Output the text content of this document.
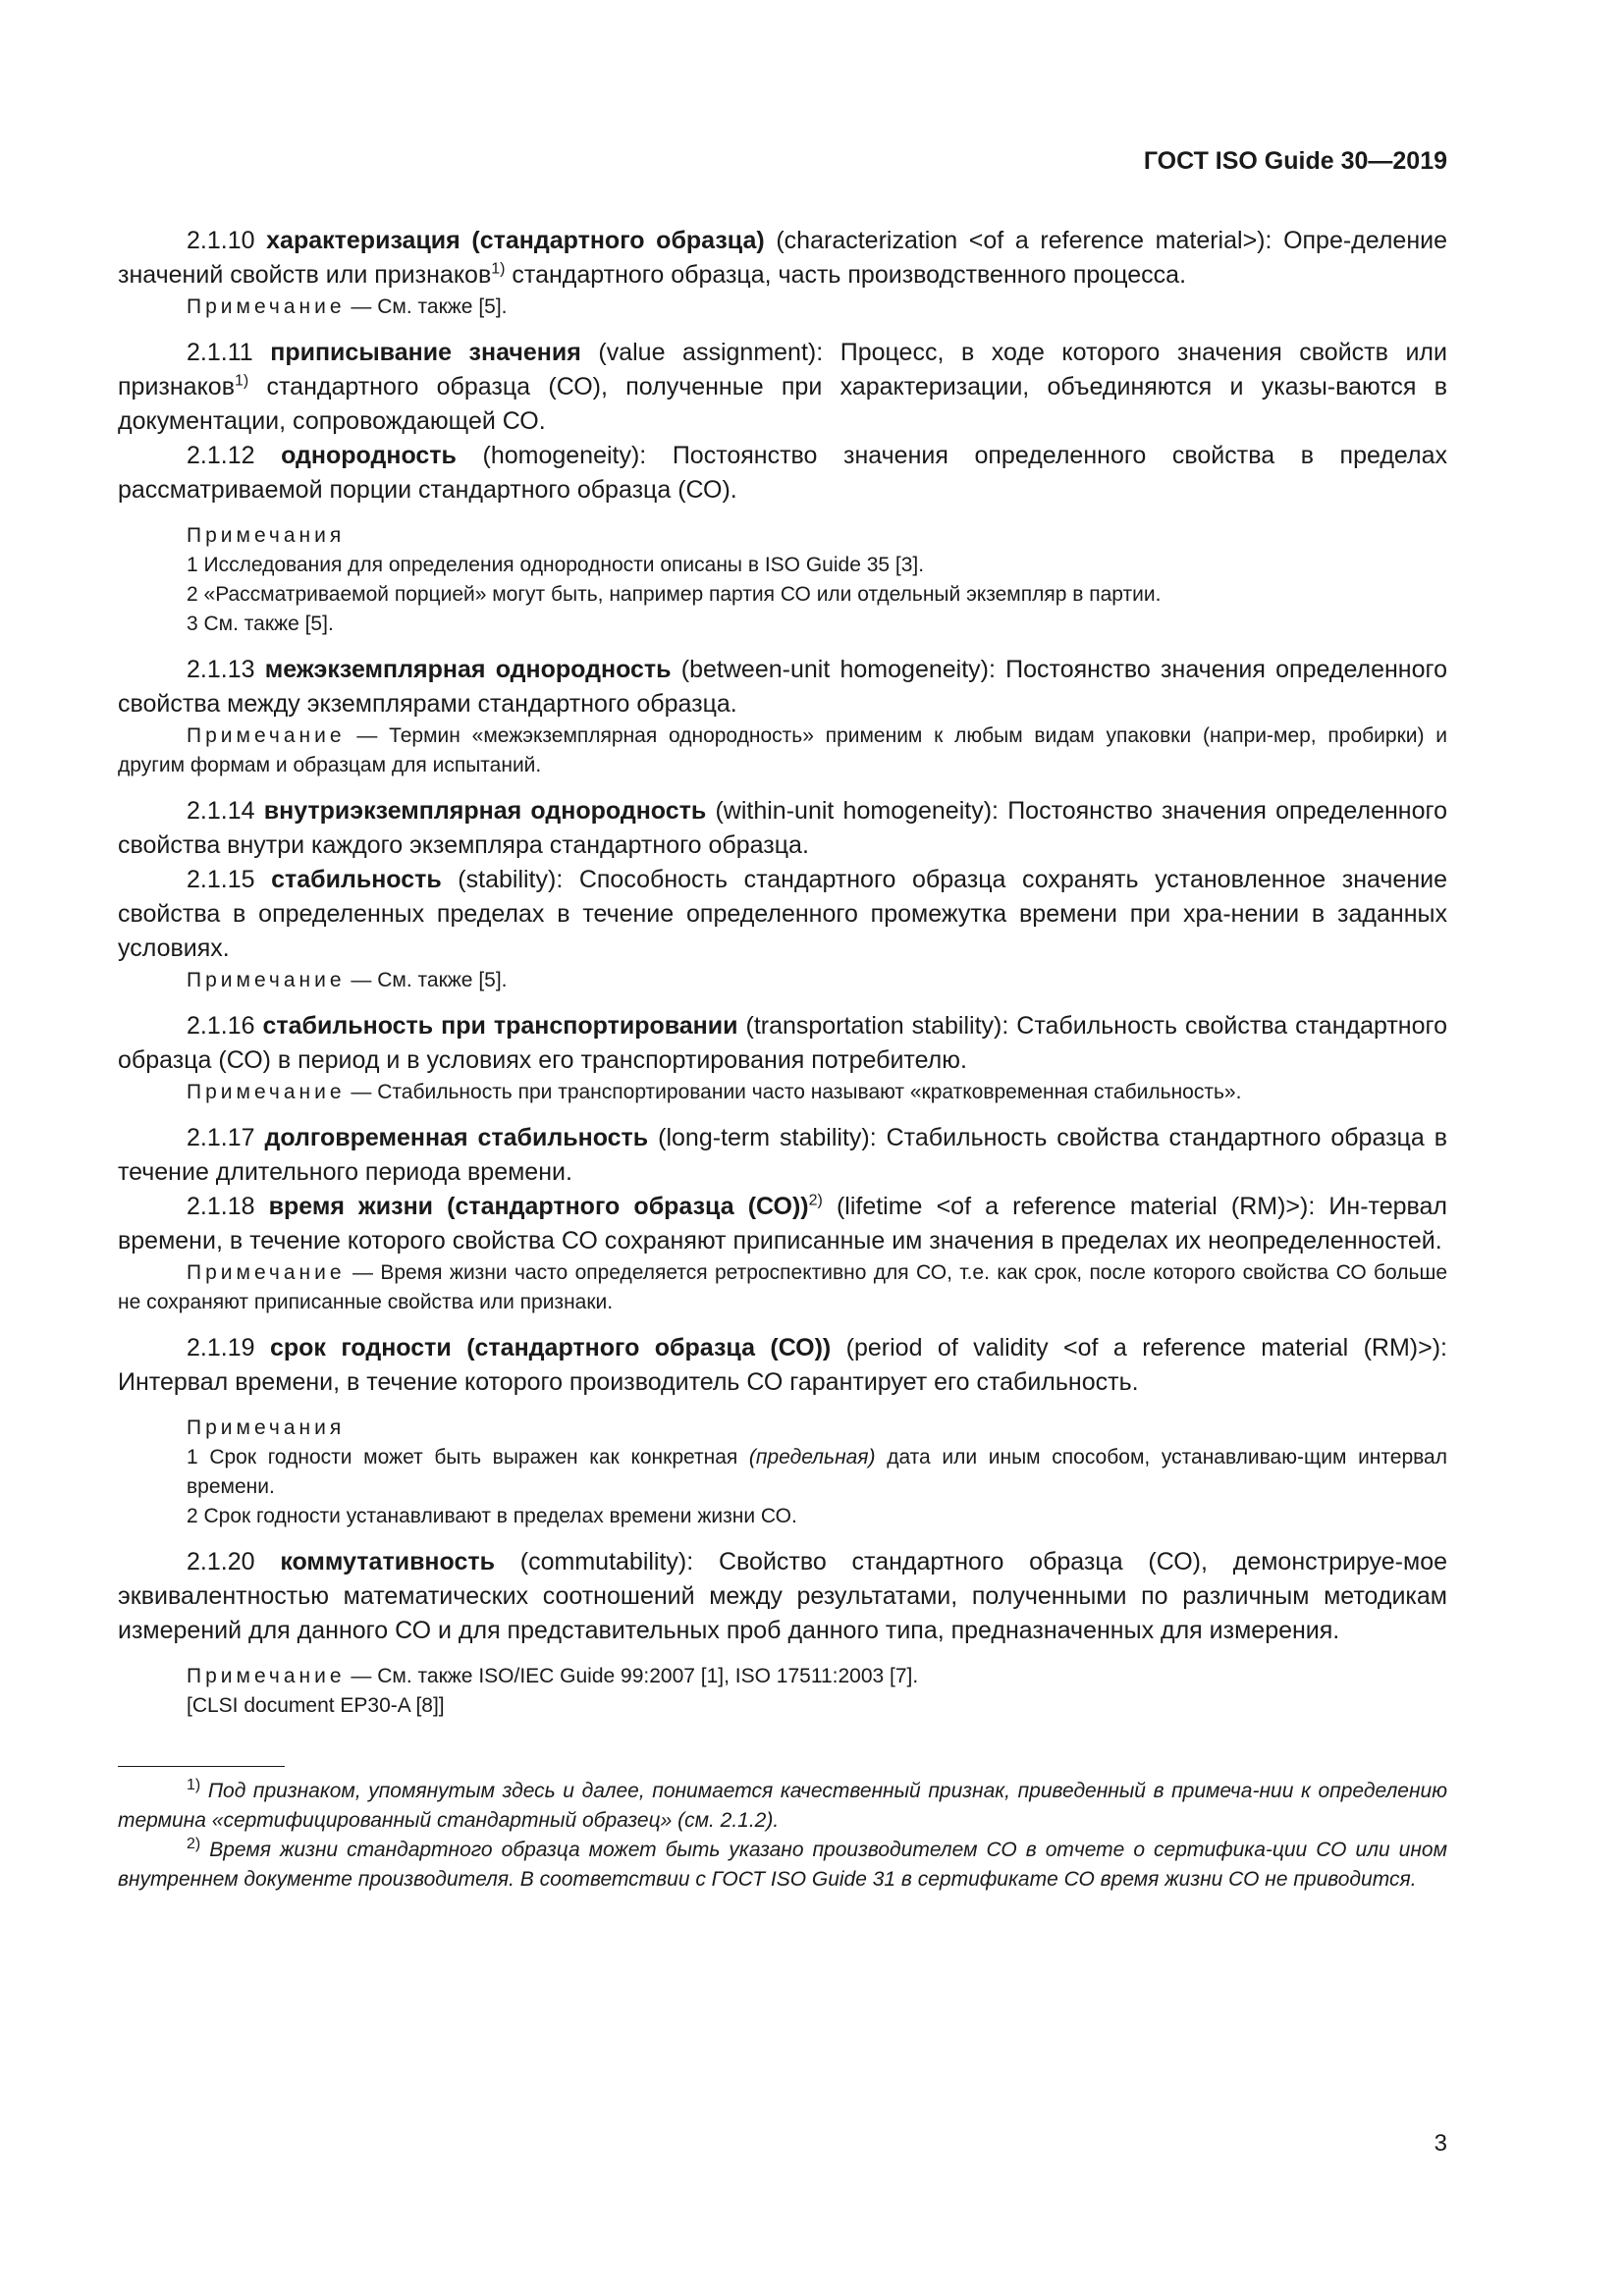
ГОСТ ISO Guide 30—2019

2.1.10 характеризация (стандартного образца) (characterization <of a reference material>): Опре-деление значений свойств или признаков$^{1)}$ стандартного образца, часть производственного процесса.

Примечание — См. также [5].

2.1.11 приписывание значения (value assignment): Процесс, в ходе которого значения свойств или признаков$^{1)}$ стандартного образца (СО), полученные при характеризации, объединяются и указы-ваются в документации, сопровождающей СО.

2.1.12 однородность (homogeneity): Постоянство значения определенного свойства в пределах рассматриваемой порции стандартного образца (СО).

Примечания

1 Исследования для определения однородности описаны в ISO Guide 35 [3].

2 «Рассматриваемой порцией» могут быть, например партия СО или отдельный экземпляр в партии.

3 См. также [5].

2.1.13 межэкземплярная однородность (between-unit homogeneity): Постоянство значения определенного свойства между экземплярами стандартного образца.

Примечание — Термин «межэкземплярная однородность» применим к любым видам упаковки (напри-мер, пробирки) и другим формам и образцам для испытаний.

2.1.14 внутриэкземплярная однородность (within-unit homogeneity): Постоянство значения определенного свойства внутри каждого экземпляра стандартного образца.

2.1.15 стабильность (stability): Способность стандартного образца сохранять установленное значение свойства в определенных пределах в течение определенного промежутка времени при хра-нении в заданных условиях.

Примечание — См. также [5].

2.1.16 стабильность при транспортировании (transportation stability): Стабильность свойства стандартного образца (СО) в период и в условиях его транспортирования потребителю.

Примечание — Стабильность при транспортировании часто называют «кратковременная стабильность».

2.1.17 долговременная стабильность (long-term stability): Стабильность свойства стандартного образца в течение длительного периода времени.

2.1.18 время жизни (стандартного образца (СО))$^{2)}$ (lifetime <of a reference material (RM)>): Ин-тервал времени, в течение которого свойства СО сохраняют приписанные им значения в пределах их неопределенностей.

Примечание — Время жизни часто определяется ретроспективно для СО, т.е. как срок, после которого свойства СО больше не сохраняют приписанные свойства или признаки.

2.1.19 срок годности (стандартного образца (СО)) (period of validity <of a reference material (RM)>): Интервал времени, в течение которого производитель СО гарантирует его стабильность.

Примечания

1 Срок годности может быть выражен как конкретная (предельная) дата или иным способом, устанавливаю-щим интервал времени.

2 Срок годности устанавливают в пределах времени жизни СО.

2.1.20 коммутативность (commutability): Свойство стандартного образца (СО), демонстрируе-мое эквивалентностью математических соотношений между результатами, полученными по различным методикам измерений для данного СО и для представительных проб данного типа, предназначенных для измерения.

Примечание — См. также ISO/IEC Guide 99:2007 [1], ISO 17511:2003 [7].

[CLSI document EP30-A [8]]

$^{1)}$ Под признаком, упомянутым здесь и далее, понимается качественный признак, приведенный в примеча-нии к определению термина «сертифицированный стандартный образец» (см. 2.1.2).

$^{2)}$ Время жизни стандартного образца может быть указано производителем СО в отчете о сертифика-ции СО или ином внутреннем документе производителя. В соответствии с ГОСТ ISO Guide 31 в сертификате СО время жизни СО не приводится.

3
